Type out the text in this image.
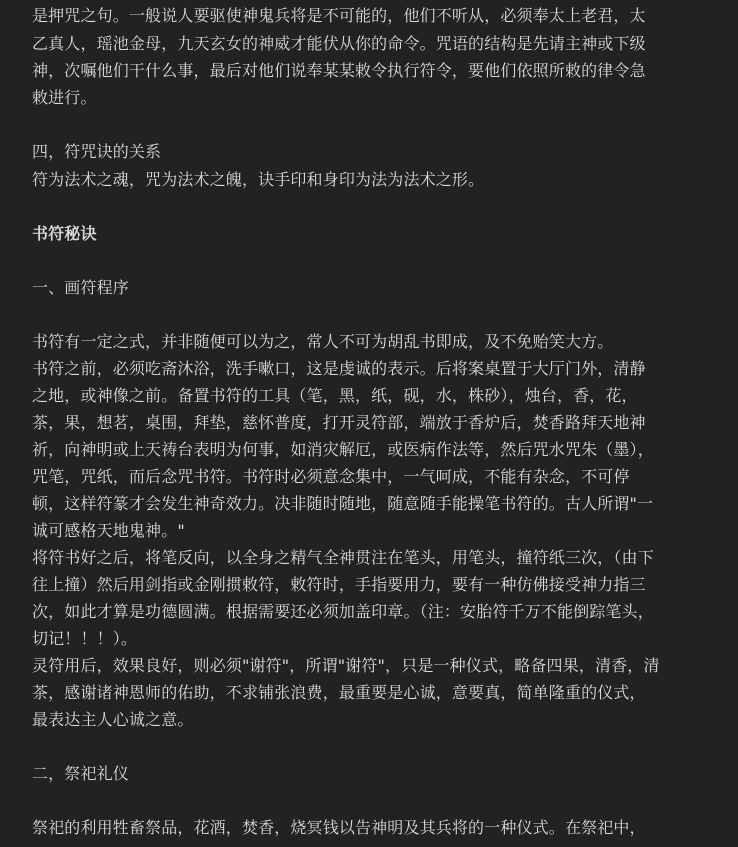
是押咒之句。一般说人要驱使神鬼兵将是不可能的，他们不听从，必须奉太上老君，太
乙真人，瑶池金母，九天玄女的神威才能伏从你的命令。咒语的结构是先请主神或下级
神，次嘱他们干什么事，最后对他们说奉某某敕令执行符令，要他们依照所敕的律令急
敕进行。
四，符咒诀的关系
符为法术之魂，咒为法术之魄，诀手印和身印为法为法术之形。
书符秘诀
一、画符程序
书符有一定之式，并非随便可以为之，常人不可为胡乱书即成，及不免贻笑大方。
书符之前，必须吃斋沐浴，洗手嗽口，这是虔诚的表示。后将案桌置于大厅门外，清静
之地，或神像之前。备置书符的工具（笔，黑，纸，砚，水，株砂），烛台，香，花，
茶，果，想茗，桌围，拜垫，慈怀普度，打开灵符部，端放于香炉后，焚香路拜天地神
祈，向神明或上天祷台表明为何事，如消灾解厄，或医病作法等，然后咒水咒朱（墨），
咒笔，咒纸，而后念咒书符。书符时必须意念集中，一气呵成，不能有杂念，不可停
顿，这样符篆才会发生神奇效力。决非随时随地，随意随手能操笔书符的。古人所谓"一
诚可感格天地鬼神。"
将符书好之后，将笔反向，以全身之精气全神贯注在笔头，用笔头，撞符纸三次，（由下
往上撞）然后用剑指或金刚掼敕符，敕符时，手指要用力，要有一种仿佛接受神力指三
次，如此才算是功德圆满。根据需要还必须加盖印章。（注：安胎符千万不能倒踪笔头，
切记！！！）。
灵符用后，效果良好，则必须"谢符"，所谓"谢符"，只是一种仪式，略备四果，清香，清
茶，感谢诸神恩师的佑助，不求铺张浪费，最重要是心诚，意要真，简单隆重的仪式，
最表达主人心诚之意。
二，祭祀礼仪
祭祀的利用牲畜祭品，花酒，焚香，烧冥钱以告神明及其兵将的一种仪式。在祭祀中，
